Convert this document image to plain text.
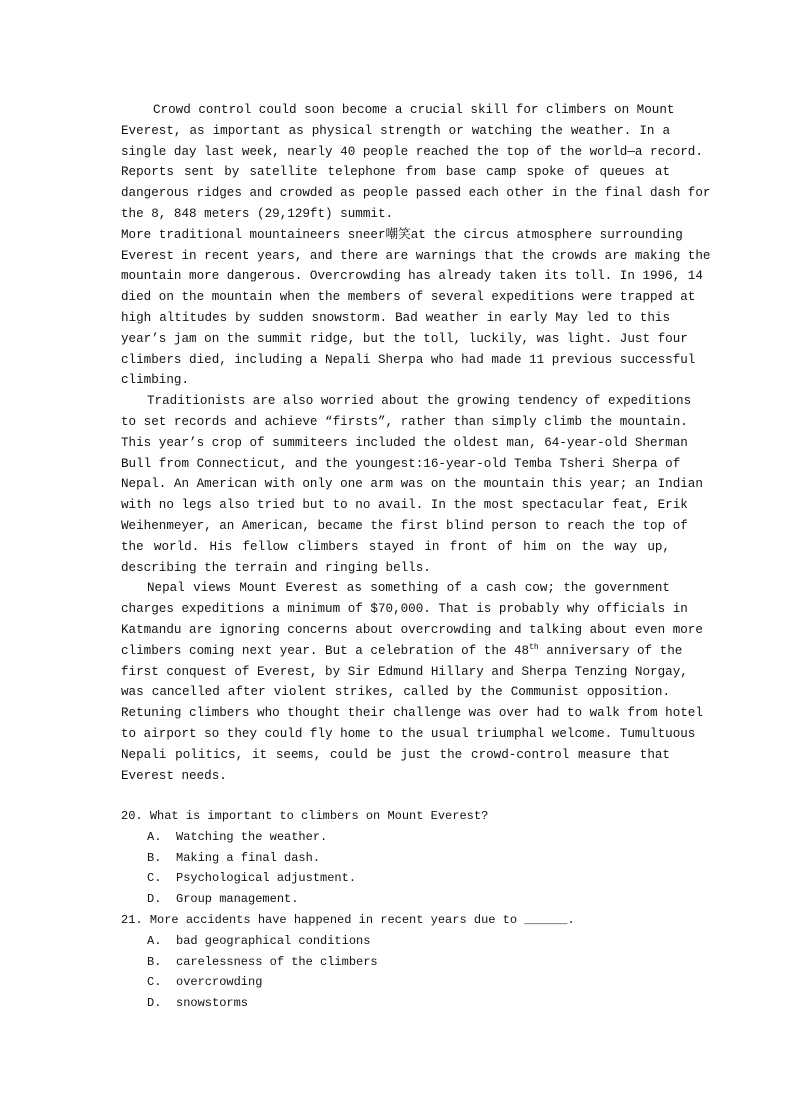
Crowd control could soon become a crucial skill for climbers on Mount
Everest, as important as physical strength or watching the weather. In a
single day last week, nearly 40 people reached the top of the world—a record.
Reports sent by satellite telephone from base camp spoke of queues at
dangerous ridges and crowded as people passed each other in the final dash for
the 8, 848 meters (29,129ft) summit.
More traditional mountaineers sneer嘲笑at the circus atmosphere surrounding
Everest in recent years, and there are warnings that the crowds are making the
mountain more dangerous. Overcrowding has already taken its toll. In 1996, 14
died on the mountain when the members of several expeditions were trapped at
high altitudes by sudden snowstorm. Bad weather in early May led to this
year’s jam on the summit ridge, but the toll, luckily, was light. Just four
climbers died, including a Nepali Sherpa who had made 11 previous successful
climbing.
Traditionists are also worried about the growing tendency of expeditions
to set records and achieve “firsts”, rather than simply climb the mountain.
This year’s crop of summiteers included the oldest man, 64-year-old Sherman
Bull from Connecticut, and the youngest:16-year-old Temba Tsheri Sherpa of
Nepal. An American with only one arm was on the mountain this year; an Indian
with no legs also tried but to no avail. In the most spectacular feat, Erik
Weihenmeyer, an American, became the first blind person to reach the top of
the world. His fellow climbers stayed in front of him on the way up,
describing the terrain and ringing bells.
Nepal views Mount Everest as something of a cash cow; the government
charges expeditions a minimum of $70,000. That is probably why officials in
Katmandu are ignoring concerns about overcrowding and talking about even more
climbers coming next year. But a celebration of the 48th anniversary of the
first conquest of Everest, by Sir Edmund Hillary and Sherpa Tenzing Norgay,
was cancelled after violent strikes, called by the Communist opposition.
Retuning climbers who thought their challenge was over had to walk from hotel
to airport so they could fly home to the usual triumphal welcome. Tumultuous
Nepali politics, it seems, could be just the crowd-control measure that
Everest needs.
20. What is important to climbers on Mount Everest?
A. Watching the weather.
B. Making a final dash.
C. Psychological adjustment.
D. Group management.
21. More accidents have happened in recent years due to ______.
A. bad geographical conditions
B. carelessness of the climbers
C. overcrowding
D. snowstorms
